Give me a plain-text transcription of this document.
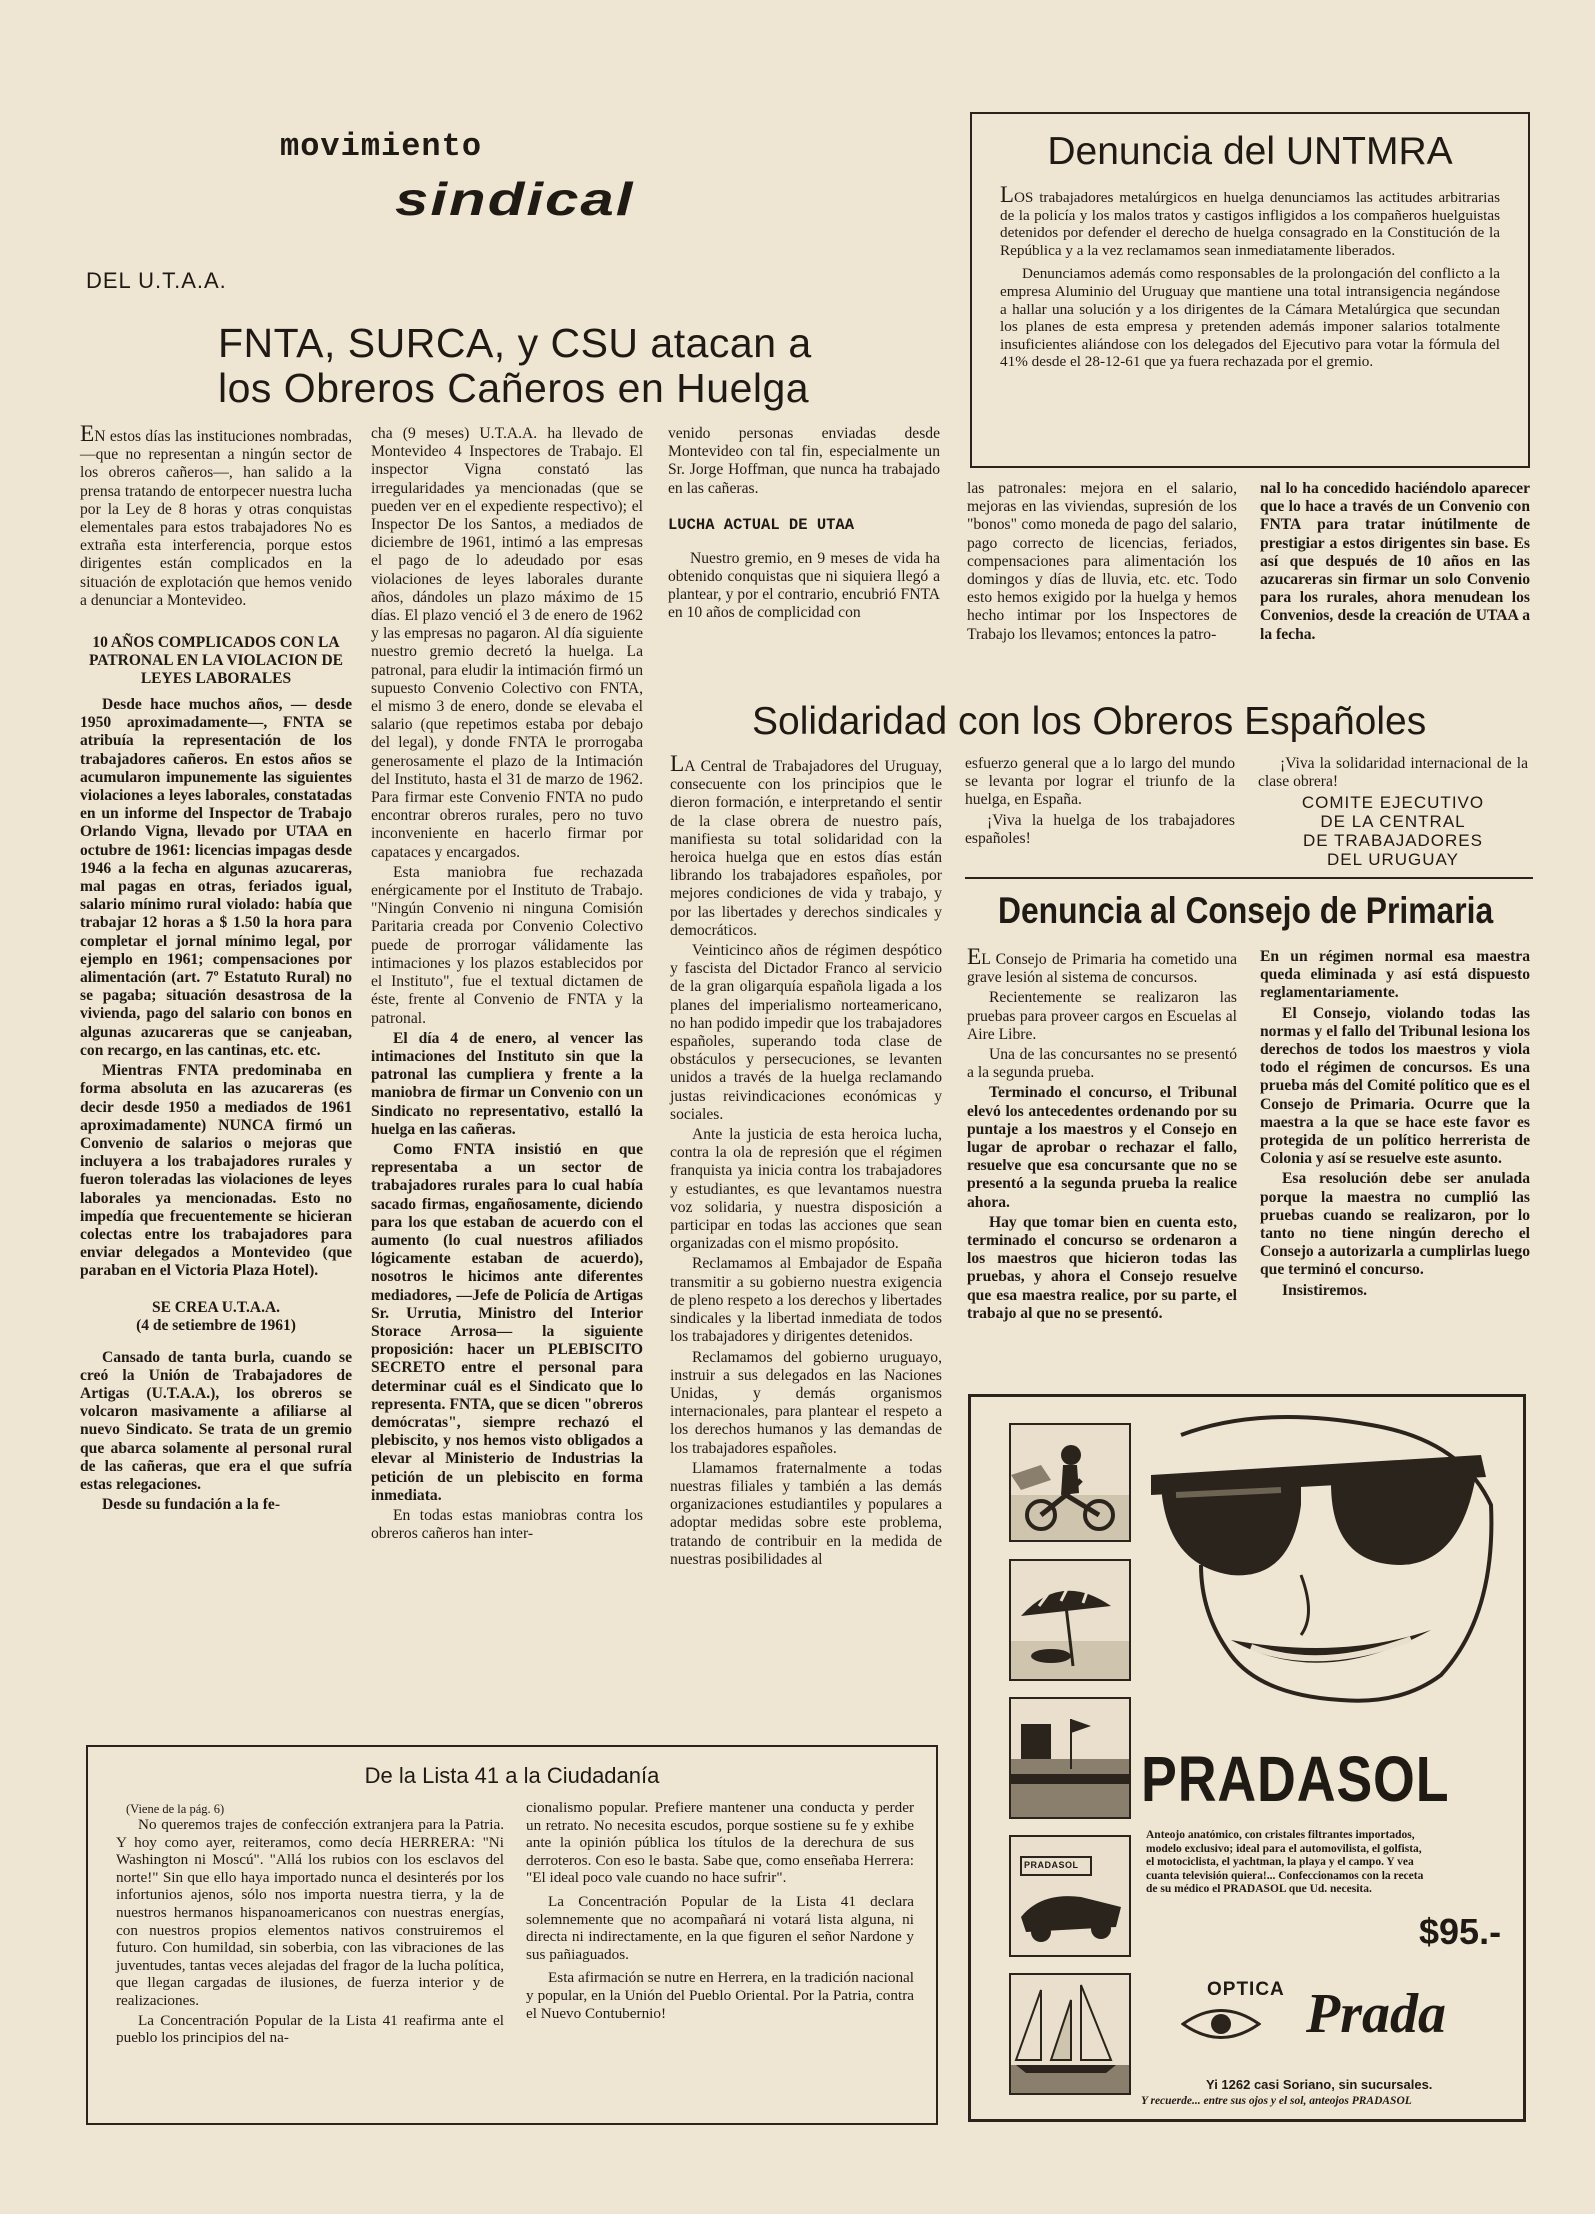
movimiento
sindical
DEL U.T.A.A.
FNTA, SURCA, y CSU atacan a
los Obreros Cañeros en Huelga

EN estos días las instituciones nombradas, —que no representan a ningún sector de los obreros cañeros—, han salido a la prensa tratando de entorpecer nuestra lucha por la Ley de 8 horas y otras conquistas elementales para estos trabajadores No es extraña esta interferencia, porque estos dirigentes están complicados en la situación de explotación que hemos venido a denunciar a Montevideo.

10 AÑOS COMPLICADOS CON LA PATRONAL EN LA VIOLACION DE LEYES LABORALES

Desde hace muchos años, — desde 1950 aproximadamente—, FNTA se atribuía la representación de los trabajadores cañeros. En estos años se acumularon impunemente las siguientes violaciones a leyes laborales, constatadas en un informe del Inspector de Trabajo Orlando Vigna, llevado por UTAA en octubre de 1961: licencias impagas desde 1946 a la fecha en algunas azucareras, mal pagas en otras, feriados igual, salario mínimo rural violado: había que trabajar 12 horas a $ 1.50 la hora para completar el jornal mínimo legal, por ejemplo en 1961; compensaciones por alimentación (art. 7º Estatuto Rural) no se pagaba; situación desastrosa de la vivienda, pago del salario con bonos en algunas azucareras que se canjeaban, con recargo, en las cantinas, etc. etc.

Mientras FNTA predominaba en forma absoluta en las azucareras (es decir desde 1950 a mediados de 1961 aproximadamente) NUNCA firmó un Convenio de salarios o mejoras que incluyera a los trabajadores rurales y fueron toleradas las violaciones de leyes laborales ya mencionadas. Esto no impedía que frecuentemente se hicieran colectas entre los trabajadores para enviar delegados a Montevideo (que paraban en el Victoria Plaza Hotel).

SE CREA U.T.A.A.
(4 de setiembre de 1961)

Cansado de tanta burla, cuando se creó la Unión de Trabajadores de Artigas (U.T.A.A.), los obreros se volcaron masivamente a afiliarse al nuevo Sindicato. Se trata de un gremio que abarca solamente al personal rural de las cañeras, que era el que sufría estas relegaciones.

Desde su fundación a la fe-

cha (9 meses) U.T.A.A. ha llevado de Montevideo 4 Inspectores de Trabajo. El inspector Vigna constató las irregularidades ya mencionadas (que se pueden ver en el expediente respectivo); el Inspector De los Santos, a mediados de diciembre de 1961, intimó a las empresas el pago de lo adeudado por esas violaciones de leyes laborales durante años, dándoles un plazo máximo de 15 días. El plazo venció el 3 de enero de 1962 y las empresas no pagaron. Al día siguiente nuestro gremio decretó la huelga. La patronal, para eludir la intimación firmó un supuesto Convenio Colectivo con FNTA, el mismo 3 de enero, donde se elevaba el salario (que repetimos estaba por debajo del legal), y donde FNTA le prorrogaba generosamente el plazo de la Intimación del Instituto, hasta el 31 de marzo de 1962. Para firmar este Convenio FNTA no pudo encontrar obreros rurales, pero no tuvo inconveniente en hacerlo firmar por capataces y encargados.

Esta maniobra fue rechazada enérgicamente por el Instituto de Trabajo. "Ningún Convenio ni ninguna Comisión Paritaria creada por Convenio Colectivo puede de prorrogar válidamente las intimaciones y los plazos establecidos por el Instituto", fue el textual dictamen de éste, frente al Convenio de FNTA y la patronal.

El día 4 de enero, al vencer las intimaciones del Instituto sin que la patronal las cumpliera y frente a la maniobra de firmar un Convenio con un Sindicato no representativo, estalló la huelga en las cañeras.

Como FNTA insistió en que representaba a un sector de trabajadores rurales para lo cual había sacado firmas, engañosamente, diciendo para los que estaban de acuerdo con el aumento (lo cual nuestros afiliados lógicamente estaban de acuerdo), nosotros le hicimos ante diferentes mediadores, —Jefe de Policía de Artigas Sr. Urrutia, Ministro del Interior Storace Arrosa— la siguiente proposición: hacer un PLEBISCITO SECRETO entre el personal para determinar cuál es el Sindicato que lo representa. FNTA, que se dicen "obreros demócratas", siempre rechazó el plebiscito, y nos hemos visto obligados a elevar al Ministerio de Industrias la petición de un plebiscito en forma inmediata.

En todas estas maniobras contra los obreros cañeros han inter-

venido personas enviadas desde Montevideo con tal fin, especialmente un Sr. Jorge Hoffman, que nunca ha trabajado en las cañeras.

LUCHA ACTUAL DE UTAA

Nuestro gremio, en 9 meses de vida ha obtenido conquistas que ni siquiera llegó a plantear, y por el contrario, encubrió FNTA en 10 años de complicidad con

las patronales: mejora en el salario, mejoras en las viviendas, supresión de los "bonos" como moneda de pago del salario, pago correcto de licencias, feriados, compensaciones para alimentación los domingos y días de lluvia, etc. etc. Todo esto hemos exigido por la huelga y hemos hecho intimar por los Inspectores de Trabajo los llevamos; entonces la patro-

nal lo ha concedido haciéndolo aparecer que lo hace a través de un Convenio con FNTA para tratar inútilmente de prestigiar a estos dirigentes sin base. Es así que después de 10 años en las azucareras sin firmar un solo Convenio para los rurales, ahora menudean los Convenios, desde la creación de UTAA a la fecha.

Denuncia del UNTMRA

LOS trabajadores metalúrgicos en huelga denunciamos las actitudes arbitrarias de la policía y los malos tratos y castigos infligidos a los compañeros huelguistas detenidos por defender el derecho de huelga consagrado en la Constitución de la República y a la vez reclamamos sean inmediatamente liberados.

Denunciamos además como responsables de la prolongación del conflicto a la empresa Aluminio del Uruguay que mantiene una total intransigencia negándose a hallar una solución y a los dirigentes de la Cámara Metalúrgica que secundan los planes de esta empresa y pretenden además imponer salarios totalmente insuficientes aliándose con los delegados del Ejecutivo para votar la fórmula del 41% desde el 28-12-61 que ya fuera rechazada por el gremio.

Solidaridad con los Obreros Españoles

LA Central de Trabajadores del Uruguay, consecuente con los principios que le dieron formación, e interpretando el sentir de la clase obrera de nuestro país, manifiesta su total solidaridad con la heroica huelga que en estos días están librando los trabajadores españoles, por mejores condiciones de vida y trabajo, y por las libertades y derechos sindicales y democráticos.

Veinticinco años de régimen despótico y fascista del Dictador Franco al servicio de la gran oligarquía española ligada a los planes del imperialismo norteamericano, no han podido impedir que los trabajadores españoles, superando toda clase de obstáculos y persecuciones, se levanten unidos a través de la huelga reclamando justas reivindicaciones económicas y sociales.

Ante la justicia de esta heroica lucha, contra la ola de represión que el régimen franquista ya inicia contra los trabajadores y estudiantes, es que levantamos nuestra voz solidaria, y nuestra disposición a participar en todas las acciones que sean organizadas con el mismo propósito.

Reclamamos al Embajador de España transmitir a su gobierno nuestra exigencia de pleno respeto a los derechos y libertades sindicales y la libertad inmediata de todos los trabajadores y dirigentes detenidos.

Reclamamos del gobierno uruguayo, instruir a sus delegados en las Naciones Unidas, y demás organismos internacionales, para plantear el respeto a los derechos humanos y las demandas de los trabajadores españoles.

Llamamos fraternalmente a todas nuestras filiales y también a las demás organizaciones estudiantiles y populares a adoptar medidas sobre este problema, tratando de contribuir en la medida de nuestras posibilidades al

esfuerzo general que a lo largo del mundo se levanta por lograr el triunfo de la huelga, en España.

¡Viva la huelga de los trabajadores españoles!

¡Viva la solidaridad internacional de la clase obrera!

COMITE EJECUTIVO
DE LA CENTRAL
DE TRABAJADORES
DEL URUGUAY
Denuncia al Consejo de Primaria

EL Consejo de Primaria ha cometido una grave lesión al sistema de concursos.

Recientemente se realizaron las pruebas para proveer cargos en Escuelas al Aire Libre.

Una de las concursantes no se presentó a la segunda prueba.

Terminado el concurso, el Tribunal elevó los antecedentes ordenando por su puntaje a los maestros y el Consejo en lugar de aprobar o rechazar el fallo, resuelve que esa concursante que no se presentó a la segunda prueba la realice ahora.

Hay que tomar bien en cuenta esto, terminado el concurso se ordenaron a los maestros que hicieron todas las pruebas, y ahora el Consejo resuelve que esa maestra realice, por su parte, el trabajo al que no se presentó.

En un régimen normal esa maestra queda eliminada y así está dispuesto reglamentariamente.

El Consejo, violando todas las normas y el fallo del Tribunal lesiona los derechos de todos los maestros y viola todo el régimen de concursos. Es una prueba más del Comité político que es el Consejo de Primaria. Ocurre que la maestra a la que se hace este favor es protegida de un político herrerista de Colonia y así se resuelve este asunto.

Esa resolución debe ser anulada porque la maestra no cumplió las pruebas cuando se realizaron, por lo tanto no tiene ningún derecho el Consejo a autorizarla a cumplirlas luego que terminó el concurso.

Insistiremos.

De la Lista 41 a la Ciudadanía
(Viene de la pág. 6)

No queremos trajes de confección extranjera para la Patria. Y hoy como ayer, reiteramos, como decía HERRERA: "Ni Washington ni Moscú". "Allá los rubios con los esclavos del norte!" Sin que ello haya importado nunca el desinterés por los infortunios ajenos, sólo nos importa nuestra tierra, y la de nuestros hermanos hispanoamericanos con nuestras energías, con nuestros propios elementos nativos construiremos el futuro. Con humildad, sin soberbia, con las vibraciones de las juventudes, tantas veces alejadas del fragor de la lucha política, que llegan cargadas de ilusiones, de fuerza interior y de realizaciones.

La Concentración Popular de la Lista 41 reafirma ante el pueblo los principios del na-

cionalismo popular. Prefiere mantener una conducta y perder un retrato. No necesita escudos, porque sostiene su fe y exhibe ante la opinión pública los títulos de la derechura de sus derroteros. Con eso le basta. Sabe que, como enseñaba Herrera: "El ideal poco vale cuando no hace sufrir".

La Concentración Popular de la Lista 41 declara solemnemente que no acompañará ni votará lista alguna, ni directa ni indirectamente, en la que figuren el señor Nardone y sus pañiaguados.

Esta afirmación se nutre en Herrera, en la tradición nacional y popular, en la Unión del Pueblo Oriental. Por la Patria, contra el Nuevo Contubernio!

PRADASOL
PRADASOL
Anteojo anatómico, con cristales filtrantes importados, modelo exclusivo; ideal para el automovilista, el golfista, el motociclista, el yachtman, la playa y el campo. Y vea cuanta televisión quiera!... Confeccionamos con la receta de su médico el PRADASOL que Ud. necesita.
$95.-
OPTICA Prada
Yi 1262 casi Soriano, sin sucursales.
Y recuerde... entre sus ojos y el sol, anteojos PRADASOL
